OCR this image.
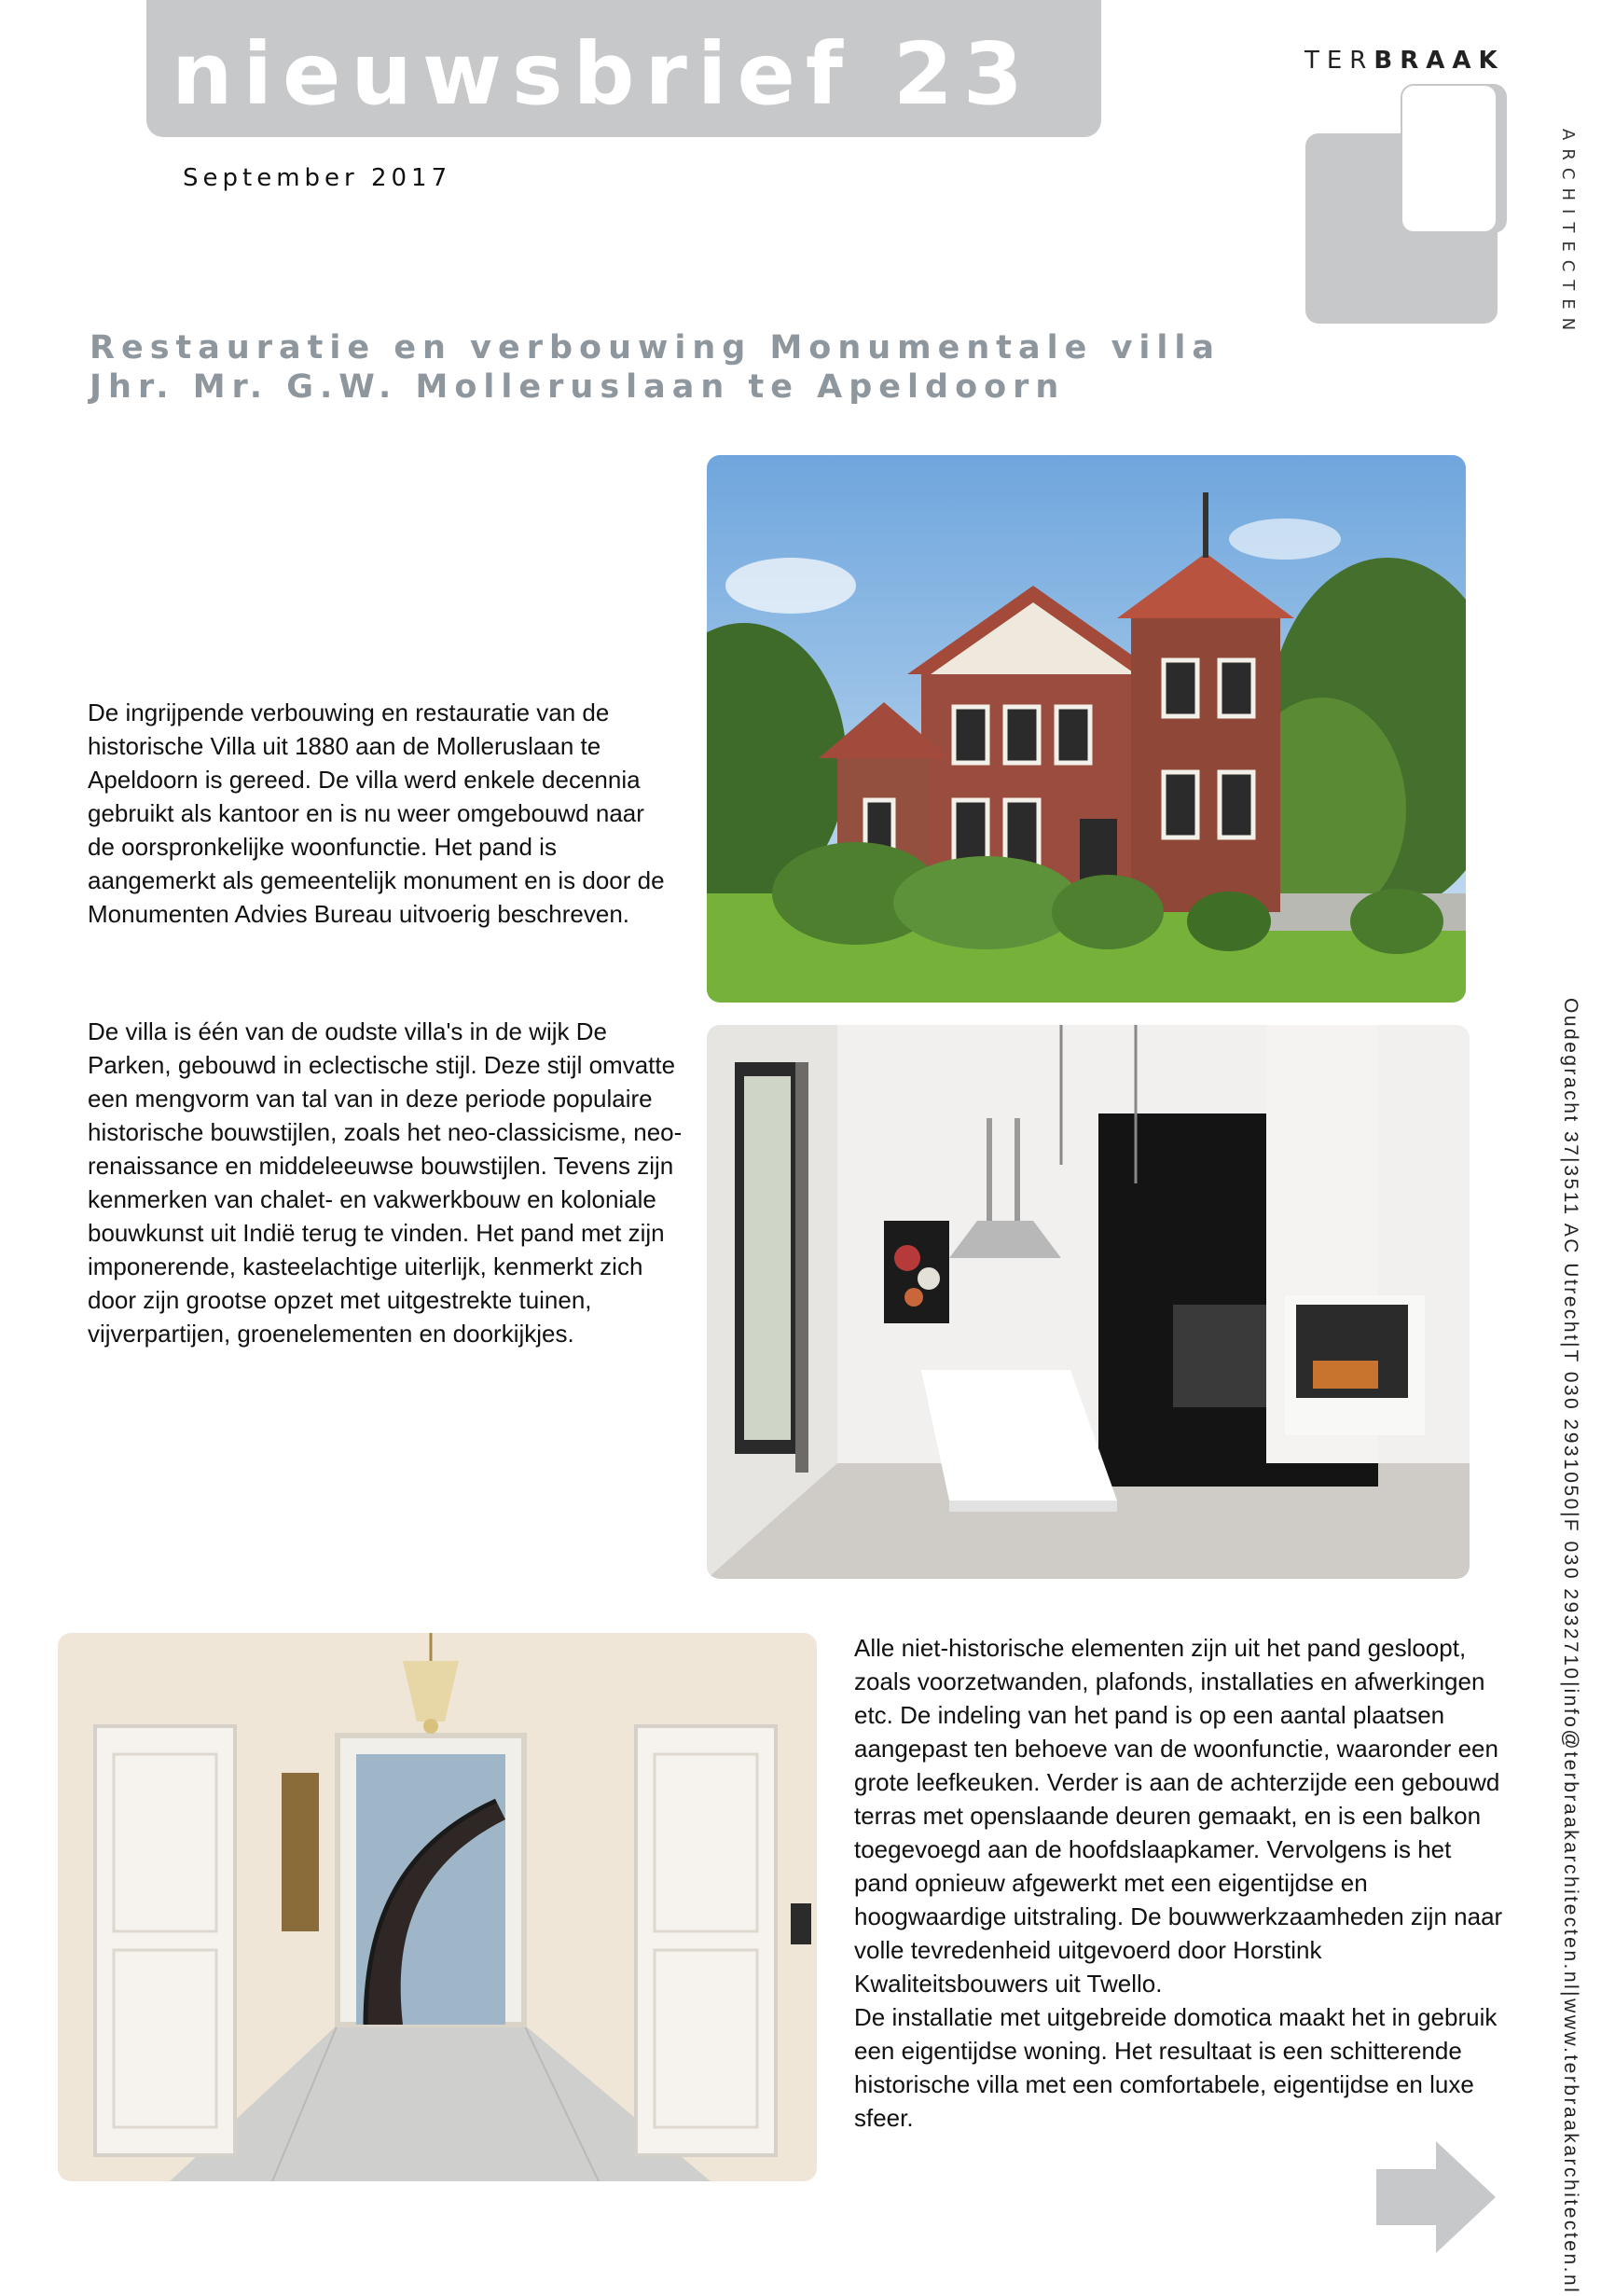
nieuwsbrief 23
September 2017
TERBRAAK
ARCHITECTEN
Restauratie en verbouwing Monumentale villa
Jhr. Mr. G.W. Molleruslaan te Apeldoorn
De ingrijpende verbouwing en restauratie van de historische Villa uit 1880 aan de Molleruslaan te Apeldoorn is gereed. De villa werd enkele decennia gebruikt als kantoor en is nu weer omgebouwd naar de oorspronkelijke woonfunctie. Het pand is aangemerkt als gemeentelijk monument en is door de Monumenten Advies Bureau uitvoerig beschreven.
De villa is één van de oudste villa's in de wijk De Parken, gebouwd in eclectische stijl. Deze stijl omvatte een mengvorm van tal van in deze periode populaire historische bouwstijlen, zoals het neo-classicisme, neo-renaissance en middeleeuwse bouwstijlen. Tevens zijn kenmerken van chalet- en vakwerkbouw en koloniale bouwkunst uit Indië terug te vinden. Het pand met zijn imponerende, kasteelachtige uiterlijk, kenmerkt zich door zijn grootse opzet met uitgestrekte tuinen, vijverpartijen, groenelementen en doorkijkjes.
Alle niet-historische elementen zijn uit het pand gesloopt, zoals voorzetwanden, plafonds, installaties en afwerkingen etc. De indeling van het pand is op een aantal plaatsen aangepast ten behoeve van de woonfunctie, waaronder een grote leefkeuken. Verder is aan de achterzijde een gebouwd terras met openslaande deuren gemaakt, en is een balkon toegevoegd aan de hoofdslaapkamer. Vervolgens is het pand opnieuw afgewerkt met een eigentijdse en hoogwaardige uitstraling. De bouwwerkzaamheden zijn naar volle tevredenheid uitgevoerd door Horstink Kwaliteitsbouwers uit Twello.
De installatie met uitgebreide domotica maakt het in gebruik een eigentijdse woning. Het resultaat is een schitterende historische villa met een comfortabele, eigentijdse en luxe sfeer.
Oudegracht 37|3511 AC Utrecht|T 030 2931050|F 030 2932710|info@terbraakarchitecten.nl|www.terbraakarchitecten.nl
